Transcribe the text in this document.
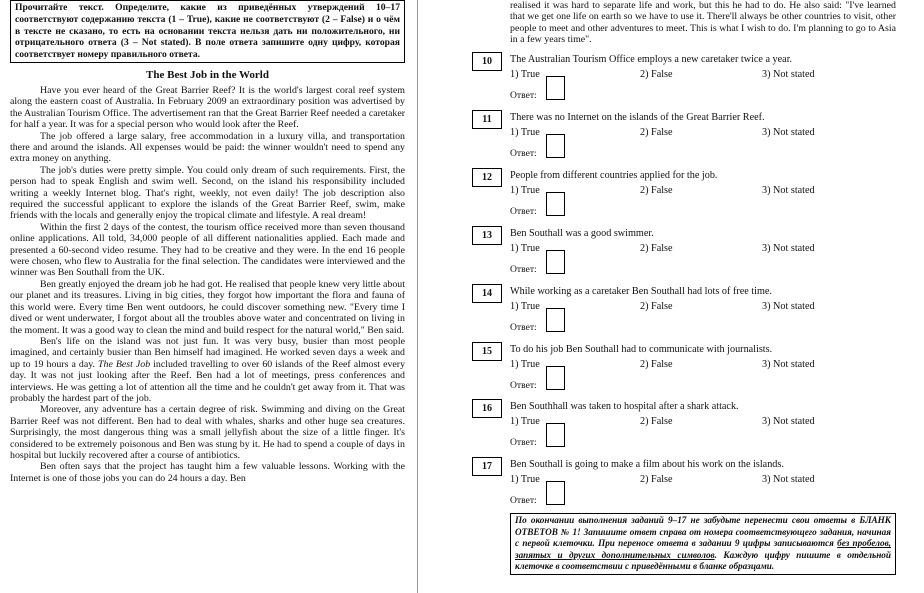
Прочитайте текст. Определите, какие из приведённых утверждений 10–17 соответствуют содержанию текста (1 – True), какие не соответствуют (2 – False) и о чём в тексте не сказано, то есть на основании текста нельзя дать ни положительного, ни отрицательного ответа (3 – Not stated). В поле ответа запишите одну цифру, которая соответствует номеру правильного ответа.
The Best Job in the World

Have you ever heard of the Great Barrier Reef? It is the world's largest coral reef system along the eastern coast of Australia. In February 2009 an extraordinary position was advertised by the Australian Tourism Office. The advertisement ran that the Great Barrier Reef needed a caretaker for half a year. It was for a special person who would look after the Reef.

The job offered a large salary, free accommodation in a luxury villa, and transportation there and around the islands. All expenses would be paid: the winner wouldn't need to spend any extra money on anything.

The job's duties were pretty simple. You could only dream of such requirements. First, the person had to speak English and swim well. Second, on the island his responsibility included writing a weekly Internet blog. That's right, weekly, not even daily! The job description also required the successful applicant to explore the islands of the Great Barrier Reef, swim, make friends with the locals and generally enjoy the tropical climate and lifestyle. A real dream!

Within the first 2 days of the contest, the tourism office received more than seven thousand online applications. All told, 34,000 people of all different nationalities applied. Each made and presented a 60-second video resume. They had to be creative and they were. In the end 16 people were chosen, who flew to Australia for the final selection. The candidates were interviewed and the winner was Ben Southall from the UK.

Ben greatly enjoyed the dream job he had got. He realised that people knew very little about our planet and its treasures. Living in big cities, they forgot how important the flora and fauna of this world were. Every time Ben went outdoors, he could discover something new. "Every time I dived or went underwater, I forgot about all the troubles above water and concentrated on living in the moment. It was a good way to clean the mind and build respect for the natural world," Ben said.

Ben's life on the island was not just fun. It was very busy, busier than most people imagined, and certainly busier than Ben himself had imagined. He worked seven days a week and up to 19 hours a day. The Best Job included travelling to over 60 islands of the Reef almost every day. It was not just looking after the Reef. Ben had a lot of meetings, press conferences and interviews. He was getting a lot of attention all the time and he couldn't get away from it. That was probably the hardest part of the job.

Moreover, any adventure has a certain degree of risk. Swimming and diving on the Great Barrier Reef was not different. Ben had to deal with whales, sharks and other huge sea creatures. Surprisingly, the most dangerous thing was a small jellyfish about the size of a little finger. It's considered to be extremely poisonous and Ben was stung by it. He had to spend a couple of days in hospital but luckily recovered after a course of antibiotics.

Ben often says that the project has taught him a few valuable lessons. Working with the Internet is one of those jobs you can do 24 hours a day. Ben

realised it was hard to separate life and work, but this he had to do. He also said: "I've learned that we get one life on earth so we have to use it. There'll always be other countries to visit, other people to meet and other adventures to meet. This is what I wish to do. I'm planning to go to Asia in a few years time".

10	The Australian Tourism Office employs a new caretaker twice a year.
1) True	2) False	3) Not stated
Ответ:
11	There was no Internet on the islands of the Great Barrier Reef.
1) True	2) False	3) Not stated
Ответ:
12	People from different countries applied for the job.
1) True	2) False	3) Not stated
Ответ:
13	Ben Southall was a good swimmer.
1) True	2) False	3) Not stated
Ответ:
14	While working as a caretaker Ben Southall had lots of free time.
1) True	2) False	3) Not stated
Ответ:
15	To do his job Ben Southall had to communicate with journalists.
1) True	2) False	3) Not stated
Ответ:
16	Ben Southhall was taken to hospital after a shark attack.
1) True	2) False	3) Not stated
Ответ:
17	Ben Southall is going to make a film about his work on the islands.
1) True	2) False	3) Not stated
Ответ:
По окончании выполнения заданий 9–17 не забудьте перенести свои ответы в БЛАНК ОТВЕТОВ № 1! Запишите ответ справа от номера соответствующего задания, начиная с первой клеточки. При переносе ответа в задании 9 цифры записываются без пробелов, запятых и других дополнительных символов. Каждую цифру пишите в отдельной клеточке в соответствии с приведёнными в бланке образцами.
